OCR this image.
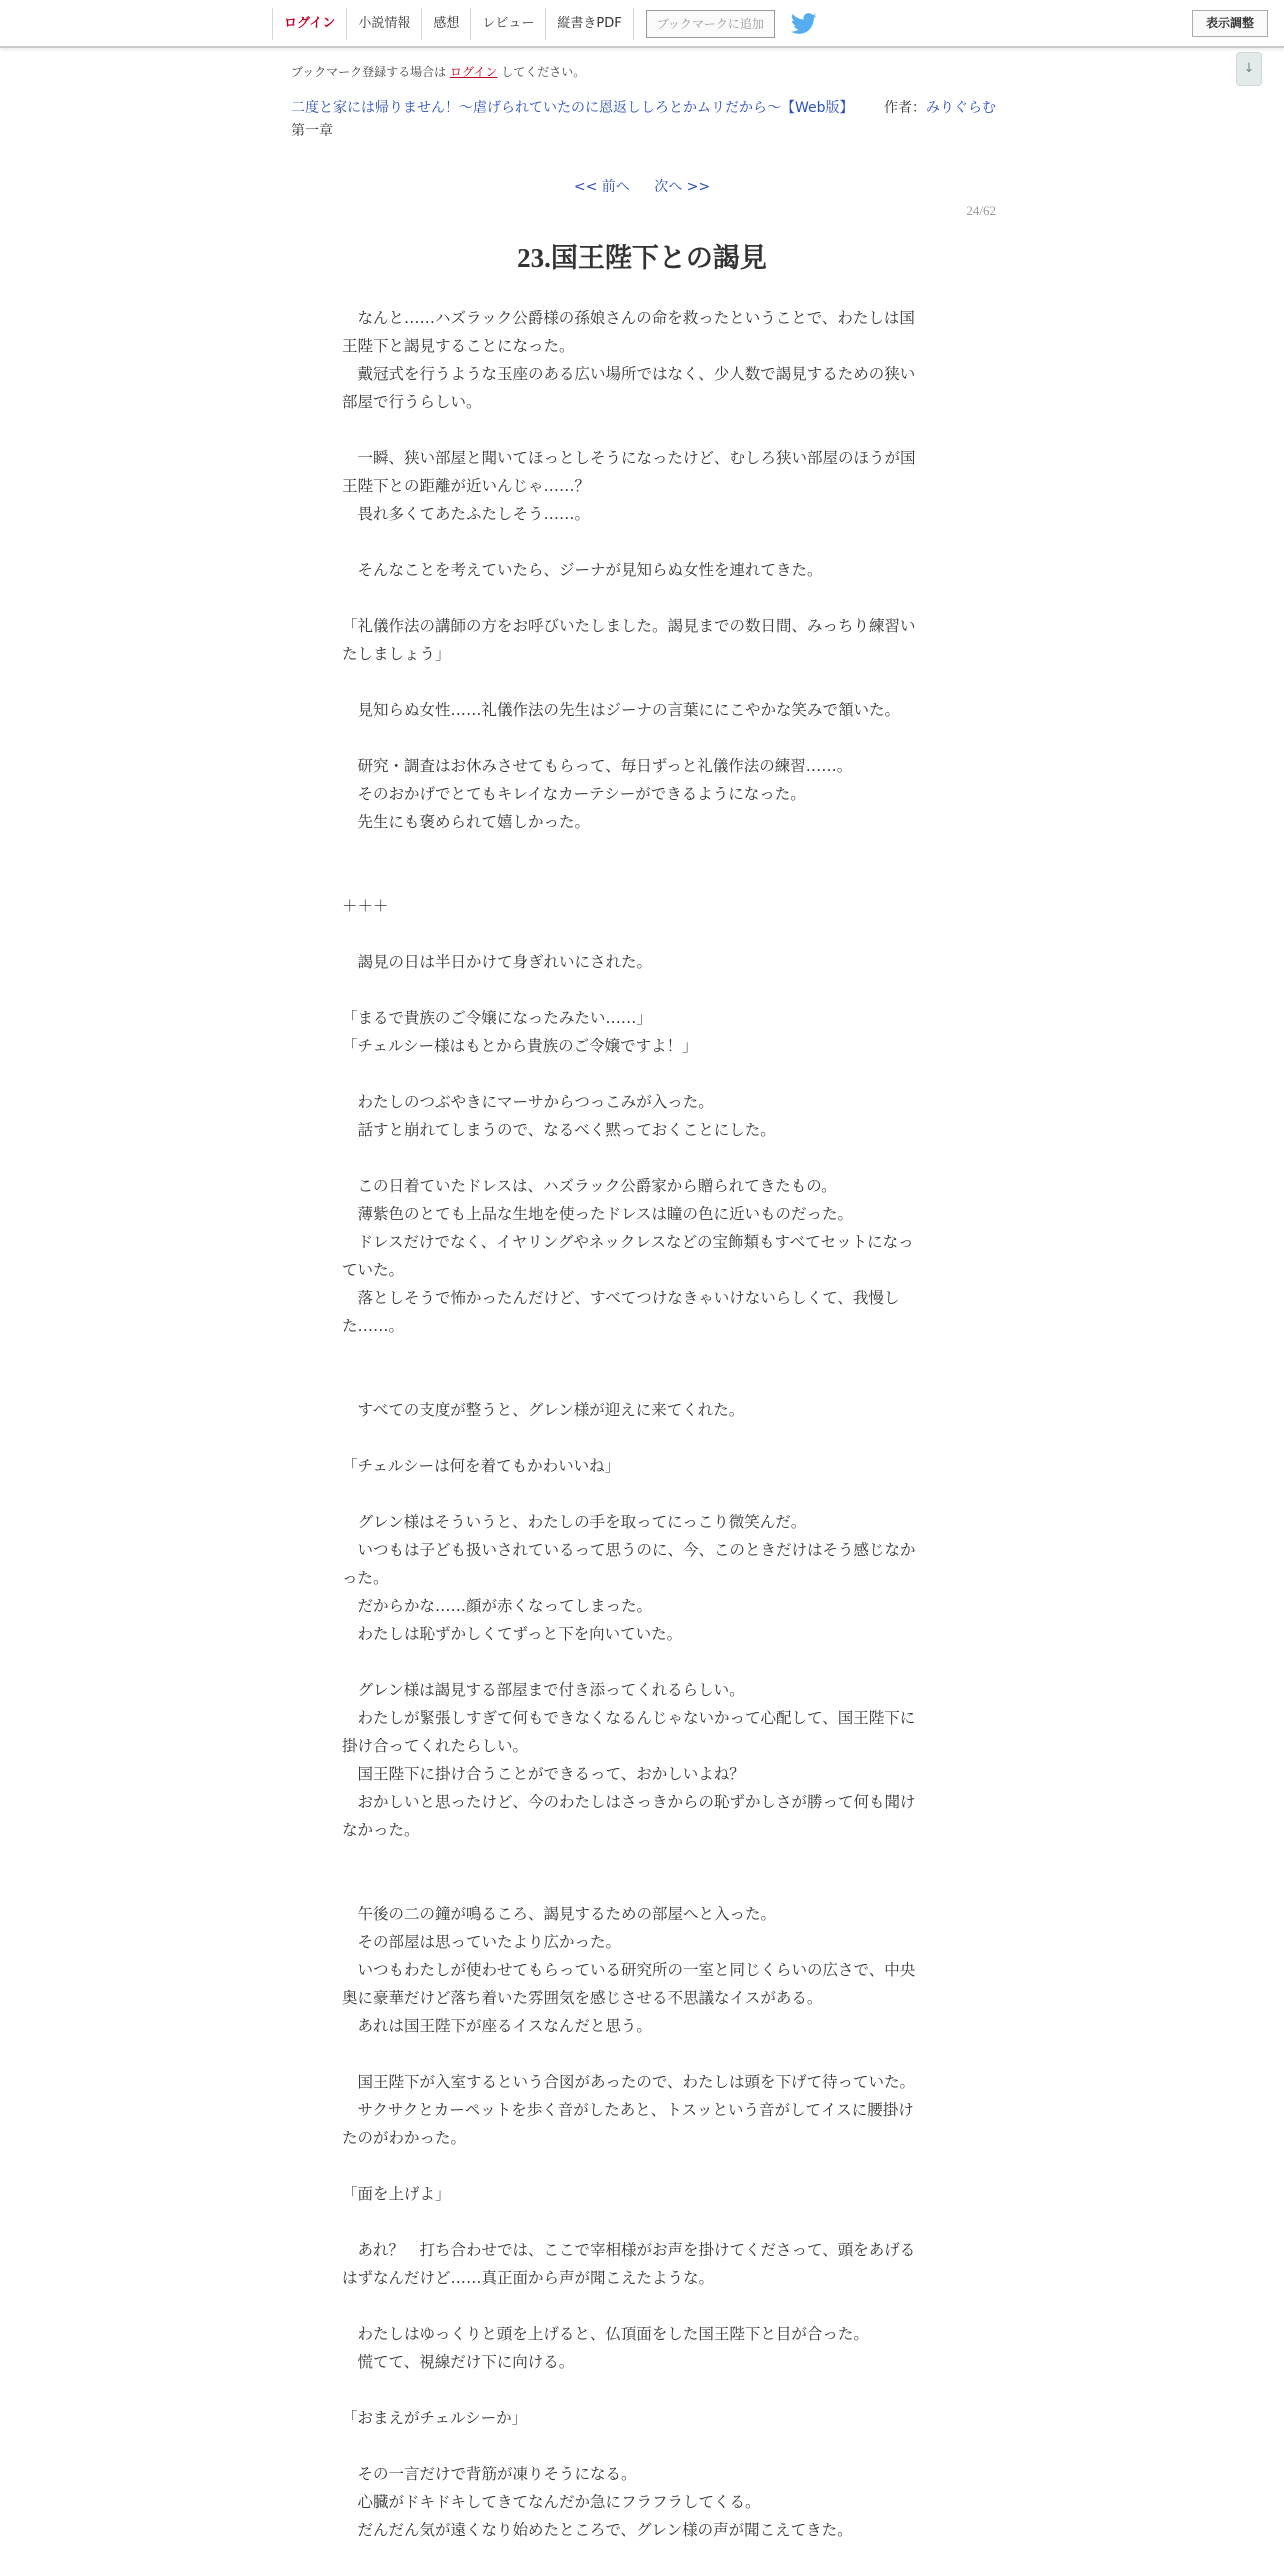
ログイン	小説情報	感想	レビュー	縦書きPDF	ブックマークに追加	表示調整
↓
ブックマーク登録する場合は ログイン してください。
二度と家には帰りません！～虐げられていたのに恩返ししろとかムリだから～【Web版】 作者：みりぐらむ
第一章
<< 前へ 次へ >>
24/62
23.国王陛下との謁見
　なんと……ハズラック公爵様の孫娘さんの命を救ったということで、わたしは国
王陛下と謁見することになった。
　戴冠式を行うような玉座のある広い場所ではなく、少人数で謁見するための狭い
部屋で行うらしい。
　一瞬、狭い部屋と聞いてほっとしそうになったけど、むしろ狭い部屋のほうが国
王陛下との距離が近いんじゃ……？
　畏れ多くてあたふたしそう……。
　そんなことを考えていたら、ジーナが見知らぬ女性を連れてきた。
「礼儀作法の講師の方をお呼びいたしました。謁見までの数日間、みっちり練習い
たしましょう」
　見知らぬ女性……礼儀作法の先生はジーナの言葉ににこやかな笑みで頷いた。
　研究・調査はお休みさせてもらって、毎日ずっと礼儀作法の練習……。
　そのおかげでとてもキレイなカーテシーができるようになった。
　先生にも褒められて嬉しかった。
＋＋＋
　謁見の日は半日かけて身ぎれいにされた。
「まるで貴族のご令嬢になったみたい……」
「チェルシー様はもとから貴族のご令嬢ですよ！」
　わたしのつぶやきにマーサからつっこみが入った。
　話すと崩れてしまうので、なるべく黙っておくことにした。
　この日着ていたドレスは、ハズラック公爵家から贈られてきたもの。
　薄紫色のとても上品な生地を使ったドレスは瞳の色に近いものだった。
　ドレスだけでなく、イヤリングやネックレスなどの宝飾類もすべてセットになっ
ていた。
　落としそうで怖かったんだけど、すべてつけなきゃいけないらしくて、我慢し
た……。
　すべての支度が整うと、グレン様が迎えに来てくれた。
「チェルシーは何を着てもかわいいね」
　グレン様はそういうと、わたしの手を取ってにっこり微笑んだ。
　いつもは子ども扱いされているって思うのに、今、このときだけはそう感じなか
った。
　だからかな……顔が赤くなってしまった。
　わたしは恥ずかしくてずっと下を向いていた。
　グレン様は謁見する部屋まで付き添ってくれるらしい。
　わたしが緊張しすぎて何もできなくなるんじゃないかって心配して、国王陛下に
掛け合ってくれたらしい。
　国王陛下に掛け合うことができるって、おかしいよね？
　おかしいと思ったけど、今のわたしはさっきからの恥ずかしさが勝って何も聞け
なかった。
　午後の二の鐘が鳴るころ、謁見するための部屋へと入った。
　その部屋は思っていたより広かった。
　いつもわたしが使わせてもらっている研究所の一室と同じくらいの広さで、中央
奥に豪華だけど落ち着いた雰囲気を感じさせる不思議なイスがある。
　あれは国王陛下が座るイスなんだと思う。
　国王陛下が入室するという合図があったので、わたしは頭を下げて待っていた。
　サクサクとカーペットを歩く音がしたあと、トスッという音がしてイスに腰掛け
たのがわかった。
「面を上げよ」
　あれ？　打ち合わせでは、ここで宰相様がお声を掛けてくださって、頭をあげる
はずなんだけど……真正面から声が聞こえたような。
　わたしはゆっくりと頭を上げると、仏頂面をした国王陛下と目が合った。
　慌てて、視線だけ下に向ける。
「おまえがチェルシーか」
　その一言だけで背筋が凍りそうになる。
　心臓がドキドキしてきてなんだか急にフラフラしてくる。
　だんだん気が遠くなり始めたところで、グレン様の声が聞こえてきた。
